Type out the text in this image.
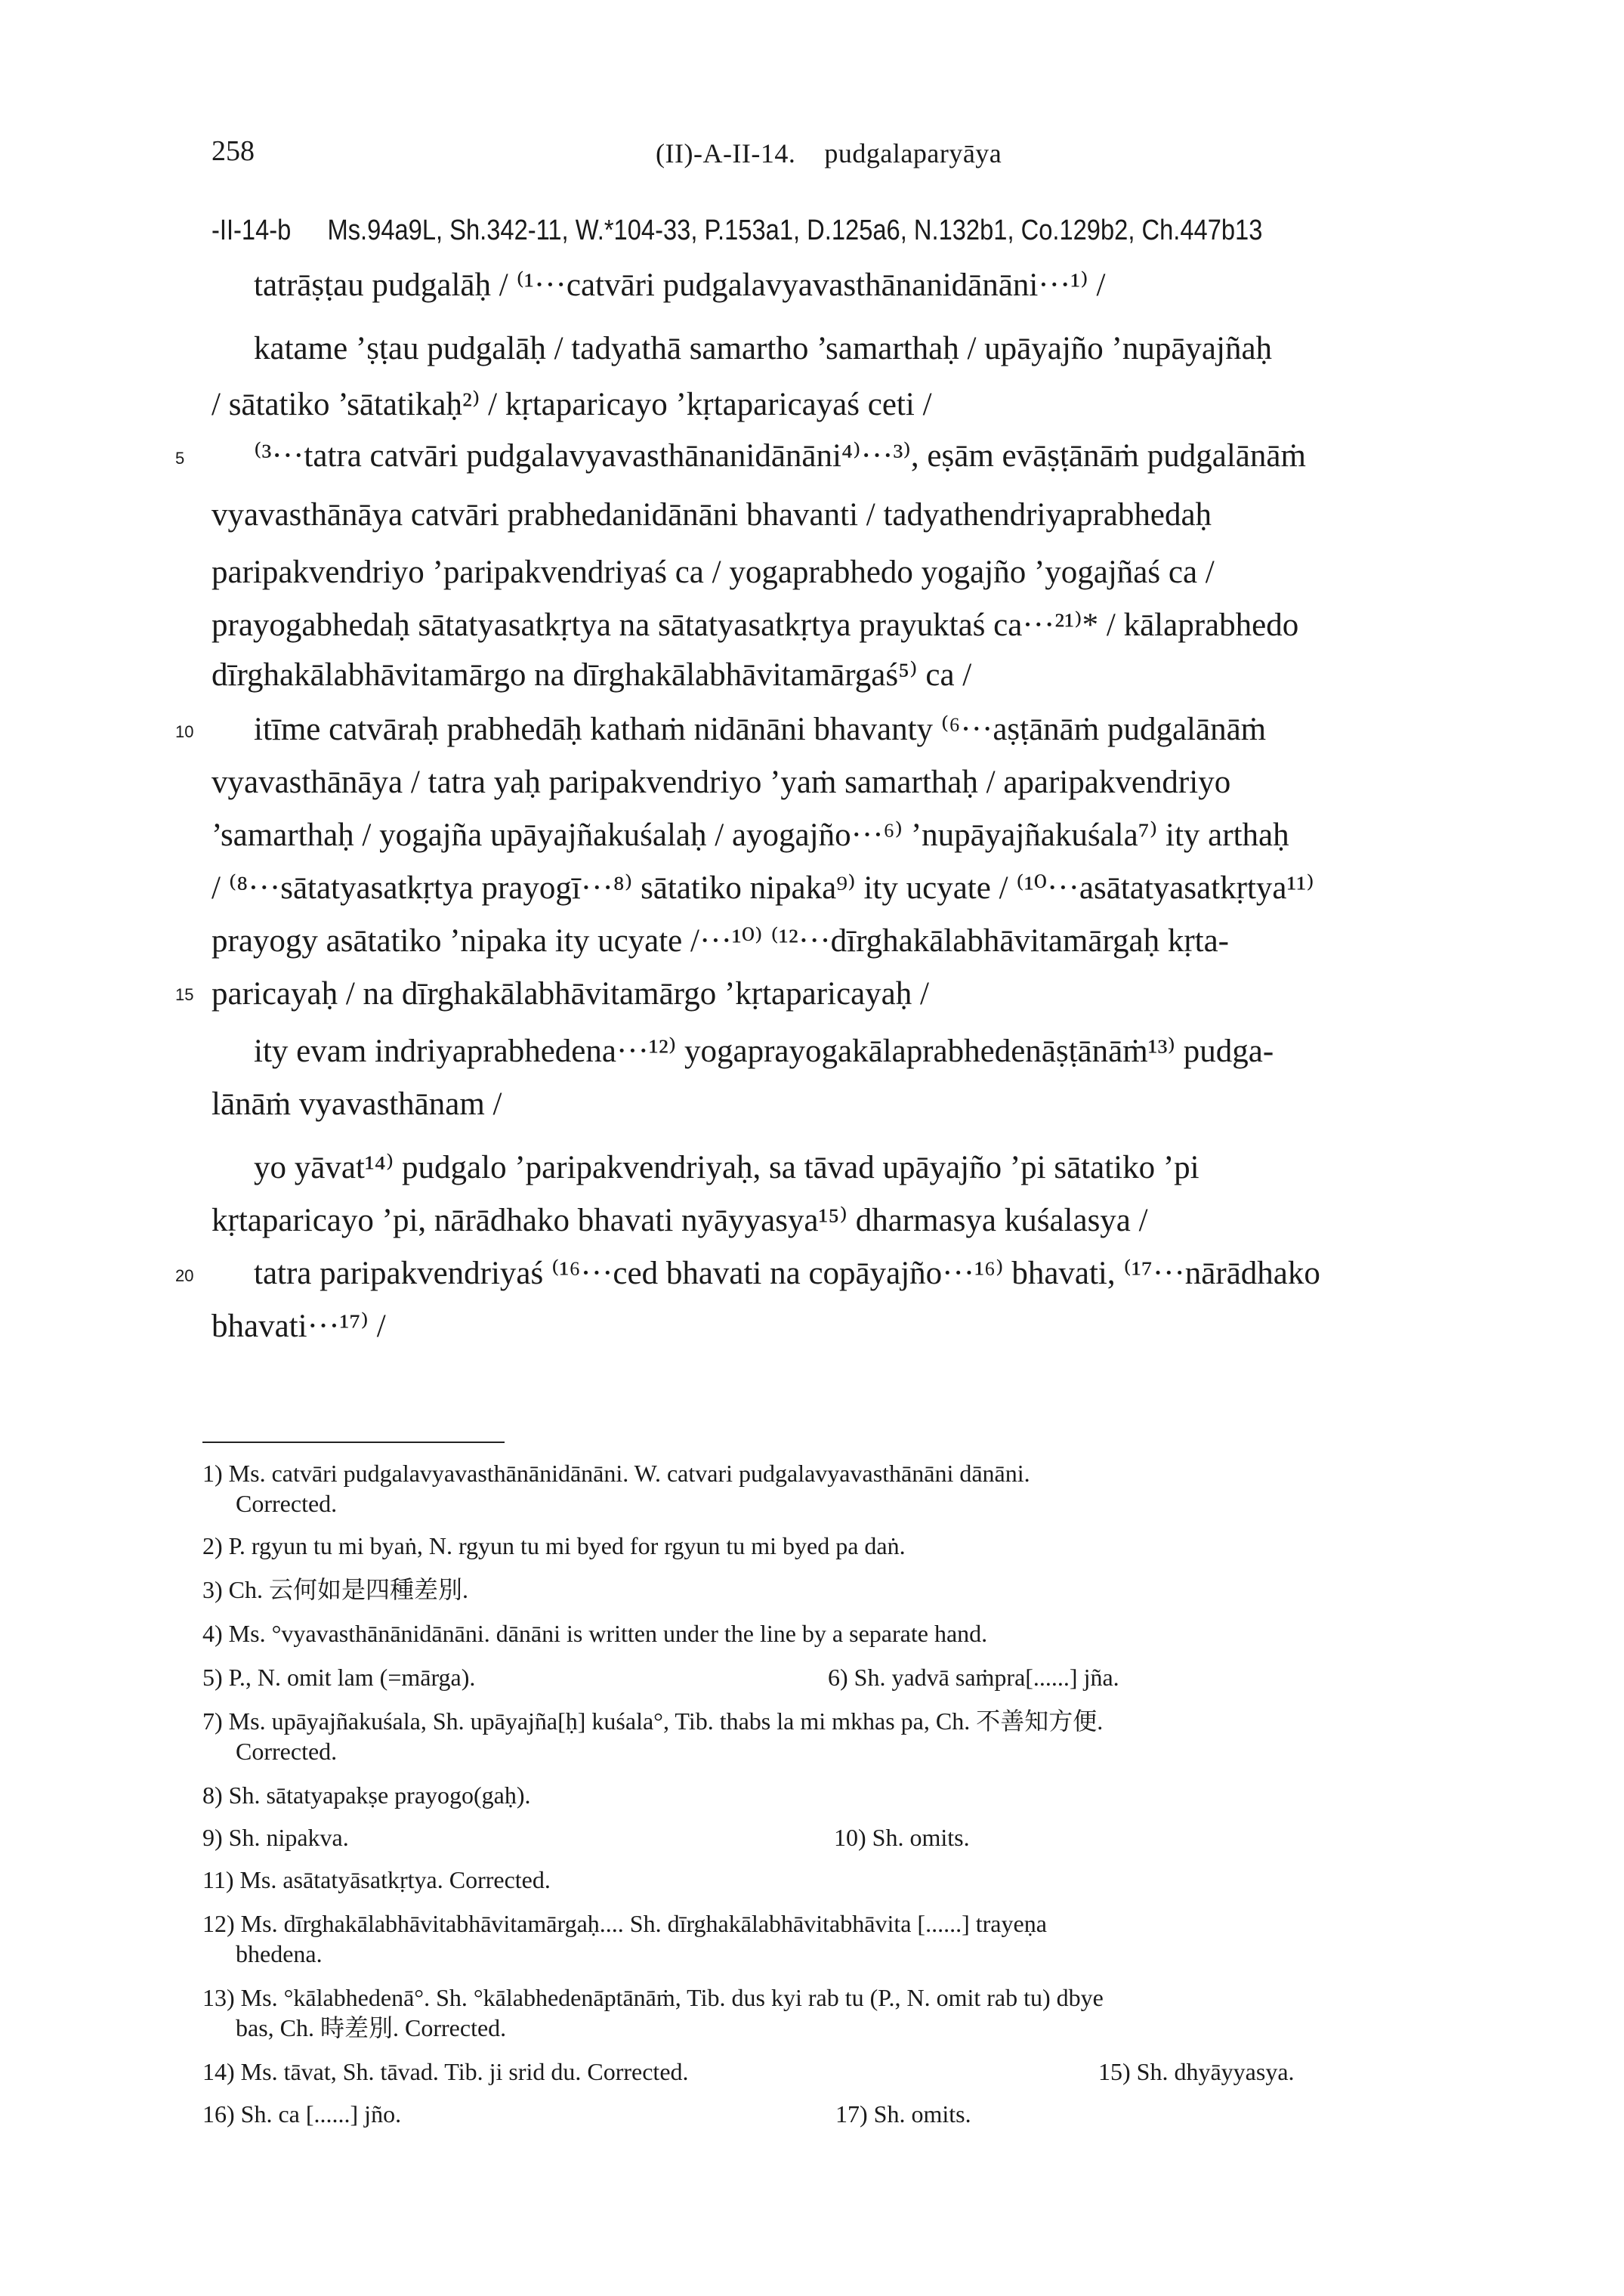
258	(II)-A-II-14.    pudgalaparyāya
-II-14-b Ms.94a9L, Sh.342-11, W.*104-33, P.153a1, D.125a6, N.132b1, Co.129b2, Ch.447b13
tatrāṣṭau pudgalāḥ / ⁽¹···catvāri pudgalavyavasthānanidānāni···¹⁾ /
katame ’ṣṭau pudgalāḥ / tadyathā samartho ’samarthaḥ / upāyajño ’nupāyajñaḥ
/ sātatiko ’sātatikaḥ²⁾ / kṛtaparicayo ’kṛtaparicayaś ceti /
5 ⁽³···tatra catvāri pudgalavyavasthānanidānāni⁴⁾···³⁾, eṣām evāṣṭānāṁ pudgalānāṁ
vyavasthānāya catvāri prabhedanidānāni bhavanti / tadyathendriyaprabhedaḥ
paripakvendriyo ’paripakvendriyaś ca / yogaprabhedo yogajño ’yogajñaś ca /
prayogabhedaḥ sātatyasatkṛtya na sātatyasatkṛtya prayuktaś ca···²¹⁾* / kālaprabhedo
dīrghakālabhāvitamārgo na dīrghakālabhāvitamārgaś⁵⁾ ca /
10 itīme catvāraḥ prabhedāḥ kathaṁ nidānāni bhavanty ⁽⁶···aṣṭānāṁ pudgalānāṁ
vyavasthānāya / tatra yaḥ paripakvendriyo ’yaṁ samarthaḥ / aparipakvendriyo
’samarthaḥ / yogajña upāyajñakuśalaḥ / ayogajño···⁶⁾ ’nupāyajñakuśala⁷⁾ ity arthaḥ
/ ⁽⁸···sātatyasatkṛtya prayogī···⁸⁾ sātatiko nipaka⁹⁾ ity ucyate / ⁽¹⁰···asātatyasatkṛtya¹¹⁾
prayogy asātatiko ’nipaka ity ucyate /···¹⁰⁾ ⁽¹²···dīrghakālabhāvitamārgaḥ kṛta-
15 paricayaḥ / na dīrghakālabhāvitamārgo ’kṛtaparicayaḥ /
ity evam indriyaprabhedena···¹²⁾ yogaprayogakālaprabhedenāṣṭānāṁ¹³⁾ pudga-
lānāṁ vyavasthānam /
yo yāvat¹⁴⁾ pudgalo ’paripakvendriyaḥ, sa tāvad upāyajño ’pi sātatiko ’pi
kṛtaparicayo ’pi, nārādhako bhavati nyāyyasya¹⁵⁾ dharmasya kuśalasya /
20 tatra paripakvendriyaś ⁽¹⁶···ced bhavati na copāyajño···¹⁶⁾ bhavati, ⁽¹⁷···nārādhako
bhavati···¹⁷⁾ /
1) Ms. catvāri pudgalavyavasthānānidānāni. W. catvari pudgalavyavasthānāni dānāni.
Corrected.
2) P. rgyun tu mi byaṅ, N. rgyun tu mi byed for rgyun tu mi byed pa daṅ.
3) Ch. 云何如是四種差別.
4) Ms. °vyavasthānānidānāni. dānāni is written under the line by a separate hand.
5) P., N. omit lam (=mārga).	6) Sh. yadvā saṁpra[......] jña.
7) Ms. upāyajñakuśala, Sh. upāyajña[ḥ] kuśala°, Tib. thabs la mi mkhas pa, Ch. 不善知方便.
Corrected.
8) Sh. sātatyapakṣe prayogo(gaḥ).
9) Sh. nipakva.	10) Sh. omits.
11) Ms. asātatyāsatkṛtya. Corrected.
12) Ms. dīrghakālabhāvitabhāvitamārgaḥ.... Sh. dīrghakālabhāvitabhāvita [......] trayeṇa
bhedena.
13) Ms. °kālabhedenā°. Sh. °kālabhedenāptānāṁ, Tib. dus kyi rab tu (P., N. omit rab tu) dbye
bas, Ch. 時差別. Corrected.
14) Ms. tāvat, Sh. tāvad. Tib. ji srid du. Corrected.	15) Sh. dhyāyyasya.
16) Sh. ca [......] jño.	17) Sh. omits.
